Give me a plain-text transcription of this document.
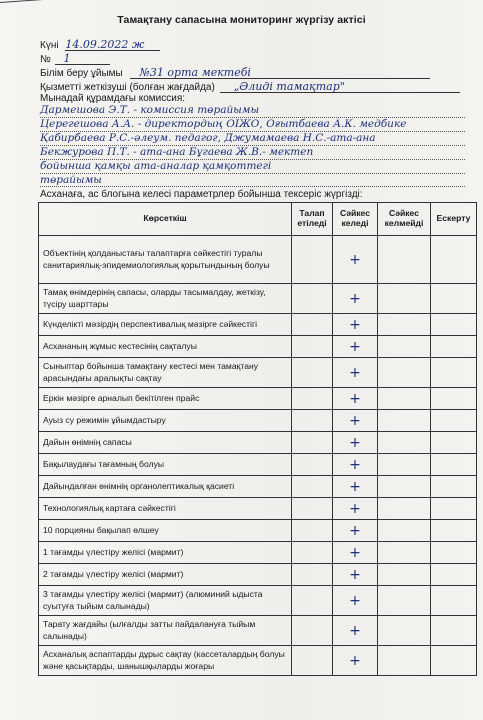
Тамақтану сапасына мониторинг жүргізу актісі
Күні 14.09.2022 ж
№ 1
Білім беру ұйымы №31 орта мектебі
Қызметті жеткізуші (болған жағдайда) „Әлиді тамақтар"
Мынадай құрамдағы комиссия:
Дармешова Э.Т. - комиссия төрайымы
Церегешова А.А. - директордың ОІЖО, Оғытбаева А.К. медбике
Қабирбаева Р.С.-әлеум. педагог, Джумамаева Н.С.-ата-ана
Бекжурова П.Т. - ата-ана Бұгаева Ж.В.- мектеп
бойынша қамқы ата-аналар қамқоттегі
төрайымы
Асханаға, ас блогына келесі параметрлер бойынша тексеріс жүргізді:
Көрсеткіш	Талап етіледі	Сәйкес келеді	Сәйкес келмейді	Ескерту
Объектінің қолданыстағы талаптарға сәйкестігі туралы санитариялық-эпидемиологиялық қорытындының болуы		+		
Тамақ өнімдерінің сапасы, оларды тасымалдау, жеткізу, түсіру шарттары		+		
Күнделікті мәзірдің перспективалық мәзірге сәйкестігі		+		
Асхананың жұмыс кестесінің сақталуы		+		
Сыныптар бойынша тамақтану кестесі мен тамақтану арасындағы аралықты сақтау		+		
Еркін мәзірге арналып бекітілген прайс		+		
Ауыз су режимін ұйымдастыру		+		
Дайын өнімнің сапасы		+		
Бақылаудағы тағамның болуы		+		
Дайындалған өнімнің органолептикалық қасиеті		+		
Технологиялық картаға сәйкестігі		+		
10 порцияны бақылап өлшеу		+		
1 тағамды үлестіру желісі (мармит)		+		
2 тағамды үлестіру желісі (мармит)		+		
3 тағамды үлестіру желісі (мармит) (алюминий ыдыста суытуға тыйым салынады)		+		
Тарату жағдайы (ылғалды затты пайдалануға тыйым салынады)		+		
Асханалық аспаптарды дұрыс сақтау (кассеталардың болуы және қасықтарды, шанышқыларды жоғары		+		
